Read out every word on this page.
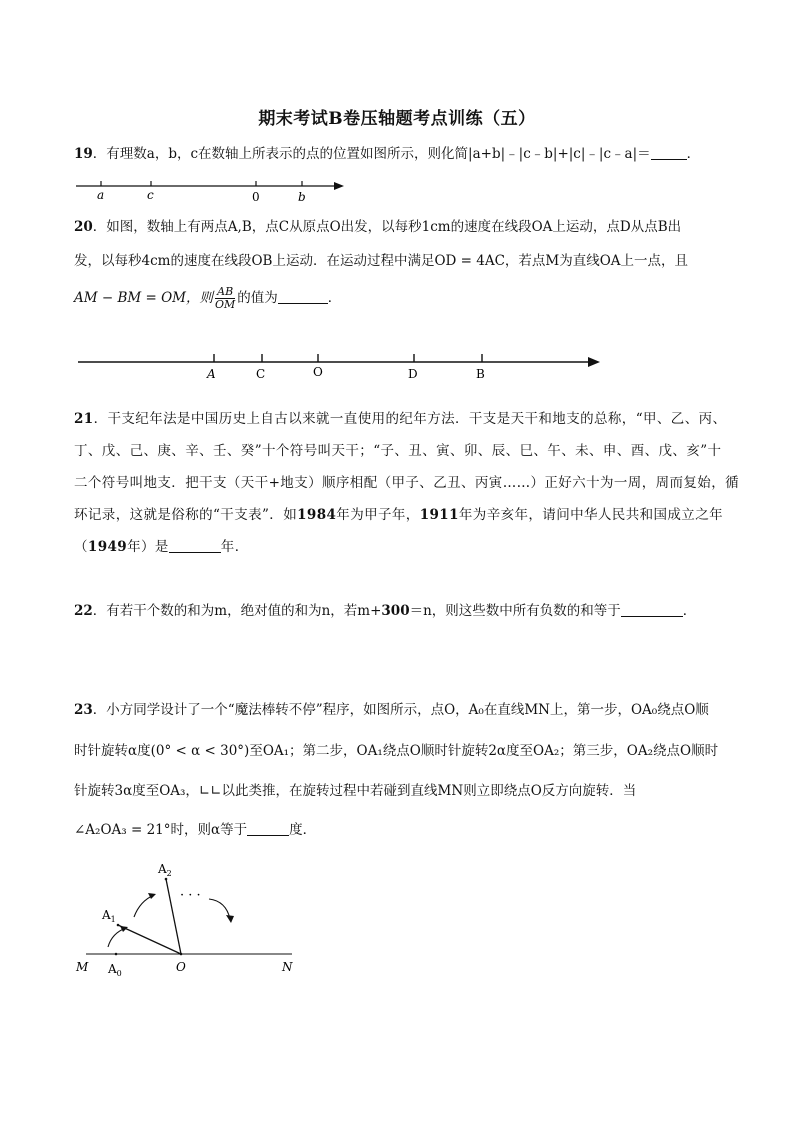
期末考试B卷压轴题考点训练（五）
19．有理数a，b，c在数轴上所表示的点的位置如图所示，则化简|a+b|﹣|c﹣b|+|c|﹣|c﹣a|＝	．
a	c	0	b
20．如图，数轴上有两点A,B，点C从原点O出发，以每秒1cm的速度在线段OA上运动，点D从点B出
发，以每秒4cm的速度在线段OB上运动．在运动过程中满足OD = 4AC，若点M为直线OA上一点，且
AM − BM = OM，则 $\frac{AB}{OM}$ 的值为	．
A	C	O	D	B
21．干支纪年法是中国历史上自古以来就一直使用的纪年方法．干支是天干和地支的总称，“甲、乙、丙、
丁、戊、己、庚、辛、壬、癸”十个符号叫天干；“子、丑、寅、卯、辰、巳、午、未、申、酉、戊、亥”十
二个符号叫地支．把干支（天干+地支）顺序相配（甲子、乙丑、丙寅……）正好六十为一周，周而复始，循
环记录，这就是俗称的“干支表”．如1984年为甲子年，1911年为辛亥年，请问中华人民共和国成立之年
（1949年）是	年．
22．有若干个数的和为m，绝对值的和为n，若m+300＝n，则这些数中所有负数的和等于	．
23．小方同学设计了一个“魔法棒转不停”程序，如图所示，点O，A₀在直线MN上，第一步，OA₀绕点O顺
时针旋转α度(0° < α < 30°)至OA₁；第二步，OA₁绕点O顺时针旋转2α度至OA₂；第三步，OA₂绕点O顺时
针旋转3α度至OA₃，∟∟以此类推，在旋转过程中若碰到直线MN则立即绕点O反方向旋转．当
∠A₂OA₃ = 21°时，则α等于	度．
· · ·
M $A_0$	O	N
$A_1$
$A_2$
